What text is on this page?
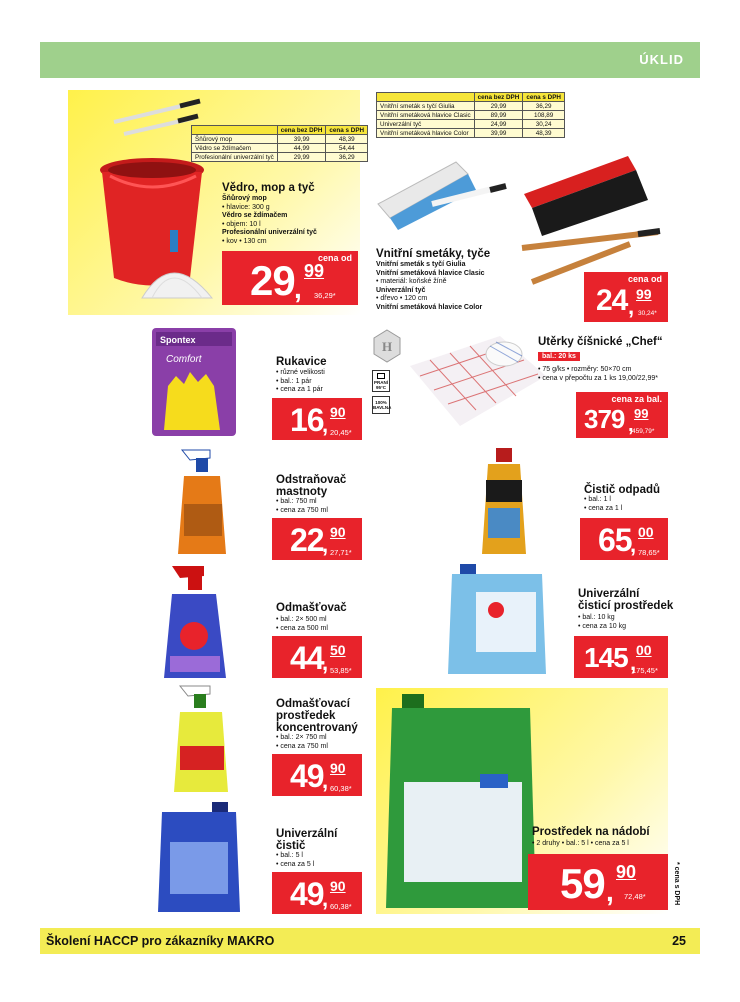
ÚKLID
	cena bez DPH	cena s DPH
Šňůrový mop	39,99	48,39
Vědro se ždímačem	44,99	54,44
Profesionální univerzální tyč	29,99	36,29
Vědro, mop a tyč
Šňůrový mop
• hlavice: 300 g
Vědro se ždímačem
• objem: 10 l
Profesionální univerzální tyč
• kov • 130 cm
cena od
29 ,
99
36,29*
	cena bez DPH	cena s DPH
Vnitřní smeták s tyčí Giulia	29,99	36,29
Vnitřní smetáková hlavice Clasic	89,99	108,89
Univerzální tyč	24,99	30,24
Vnitřní smetáková hlavice Color	39,99	48,39
Vnitřní smetáky, tyče
Vnitřní smeták s tyčí Giulia
Vnitřní smetáková hlavice Clasic
• materiál: koňské žíně
Univerzální tyč
• dřevo • 120 cm
Vnitřní smetáková hlavice Color
cena od
24 , 99
30,24*
Spontex
Comfort	Rukavice
• různé velikosti
• bal.: 1 pár
• cena za 1 pár
16
, 90
20,45*
H
PRANÍ 95°C
100% BAVLNA
Utěrky číšnické „Chef“
bal.: 20 ks
• 75 g/ks • rozměry: 50×70 cm
• cena v přepočtu za 1 ks 19,00/22,99*
cena za bal.
379 ,
99
459,79*
Odstraňovač mastnoty
• bal.: 750 ml
• cena za 750 ml
22
, 90
27,71*
Čistič odpadů
• bal.: 1 l
• cena za 1 l
65
, 00
78,65*
Odmašťovač
• bal.: 2× 500 ml
• cena za 500 ml
44
, 50
53,85*
Univerzální čisticí prostředek
• bal.: 10 kg
• cena za 10 kg
145 , 00
175,45*
Odmašťovací prostředek koncentrovaný
• bal.: 2× 750 ml
• cena za 750 ml
49
, 90
60,38*
Univerzální čistič
• bal.: 5 l
• cena za 5 l
49
, 90
60,38*
Prostředek na nádobí
• 2 druhy • bal.: 5 l • cena za 5 l
59 ,
90
72,48*	* cena s DPH
Školení HACCP pro zákazníky MAKRO	25
